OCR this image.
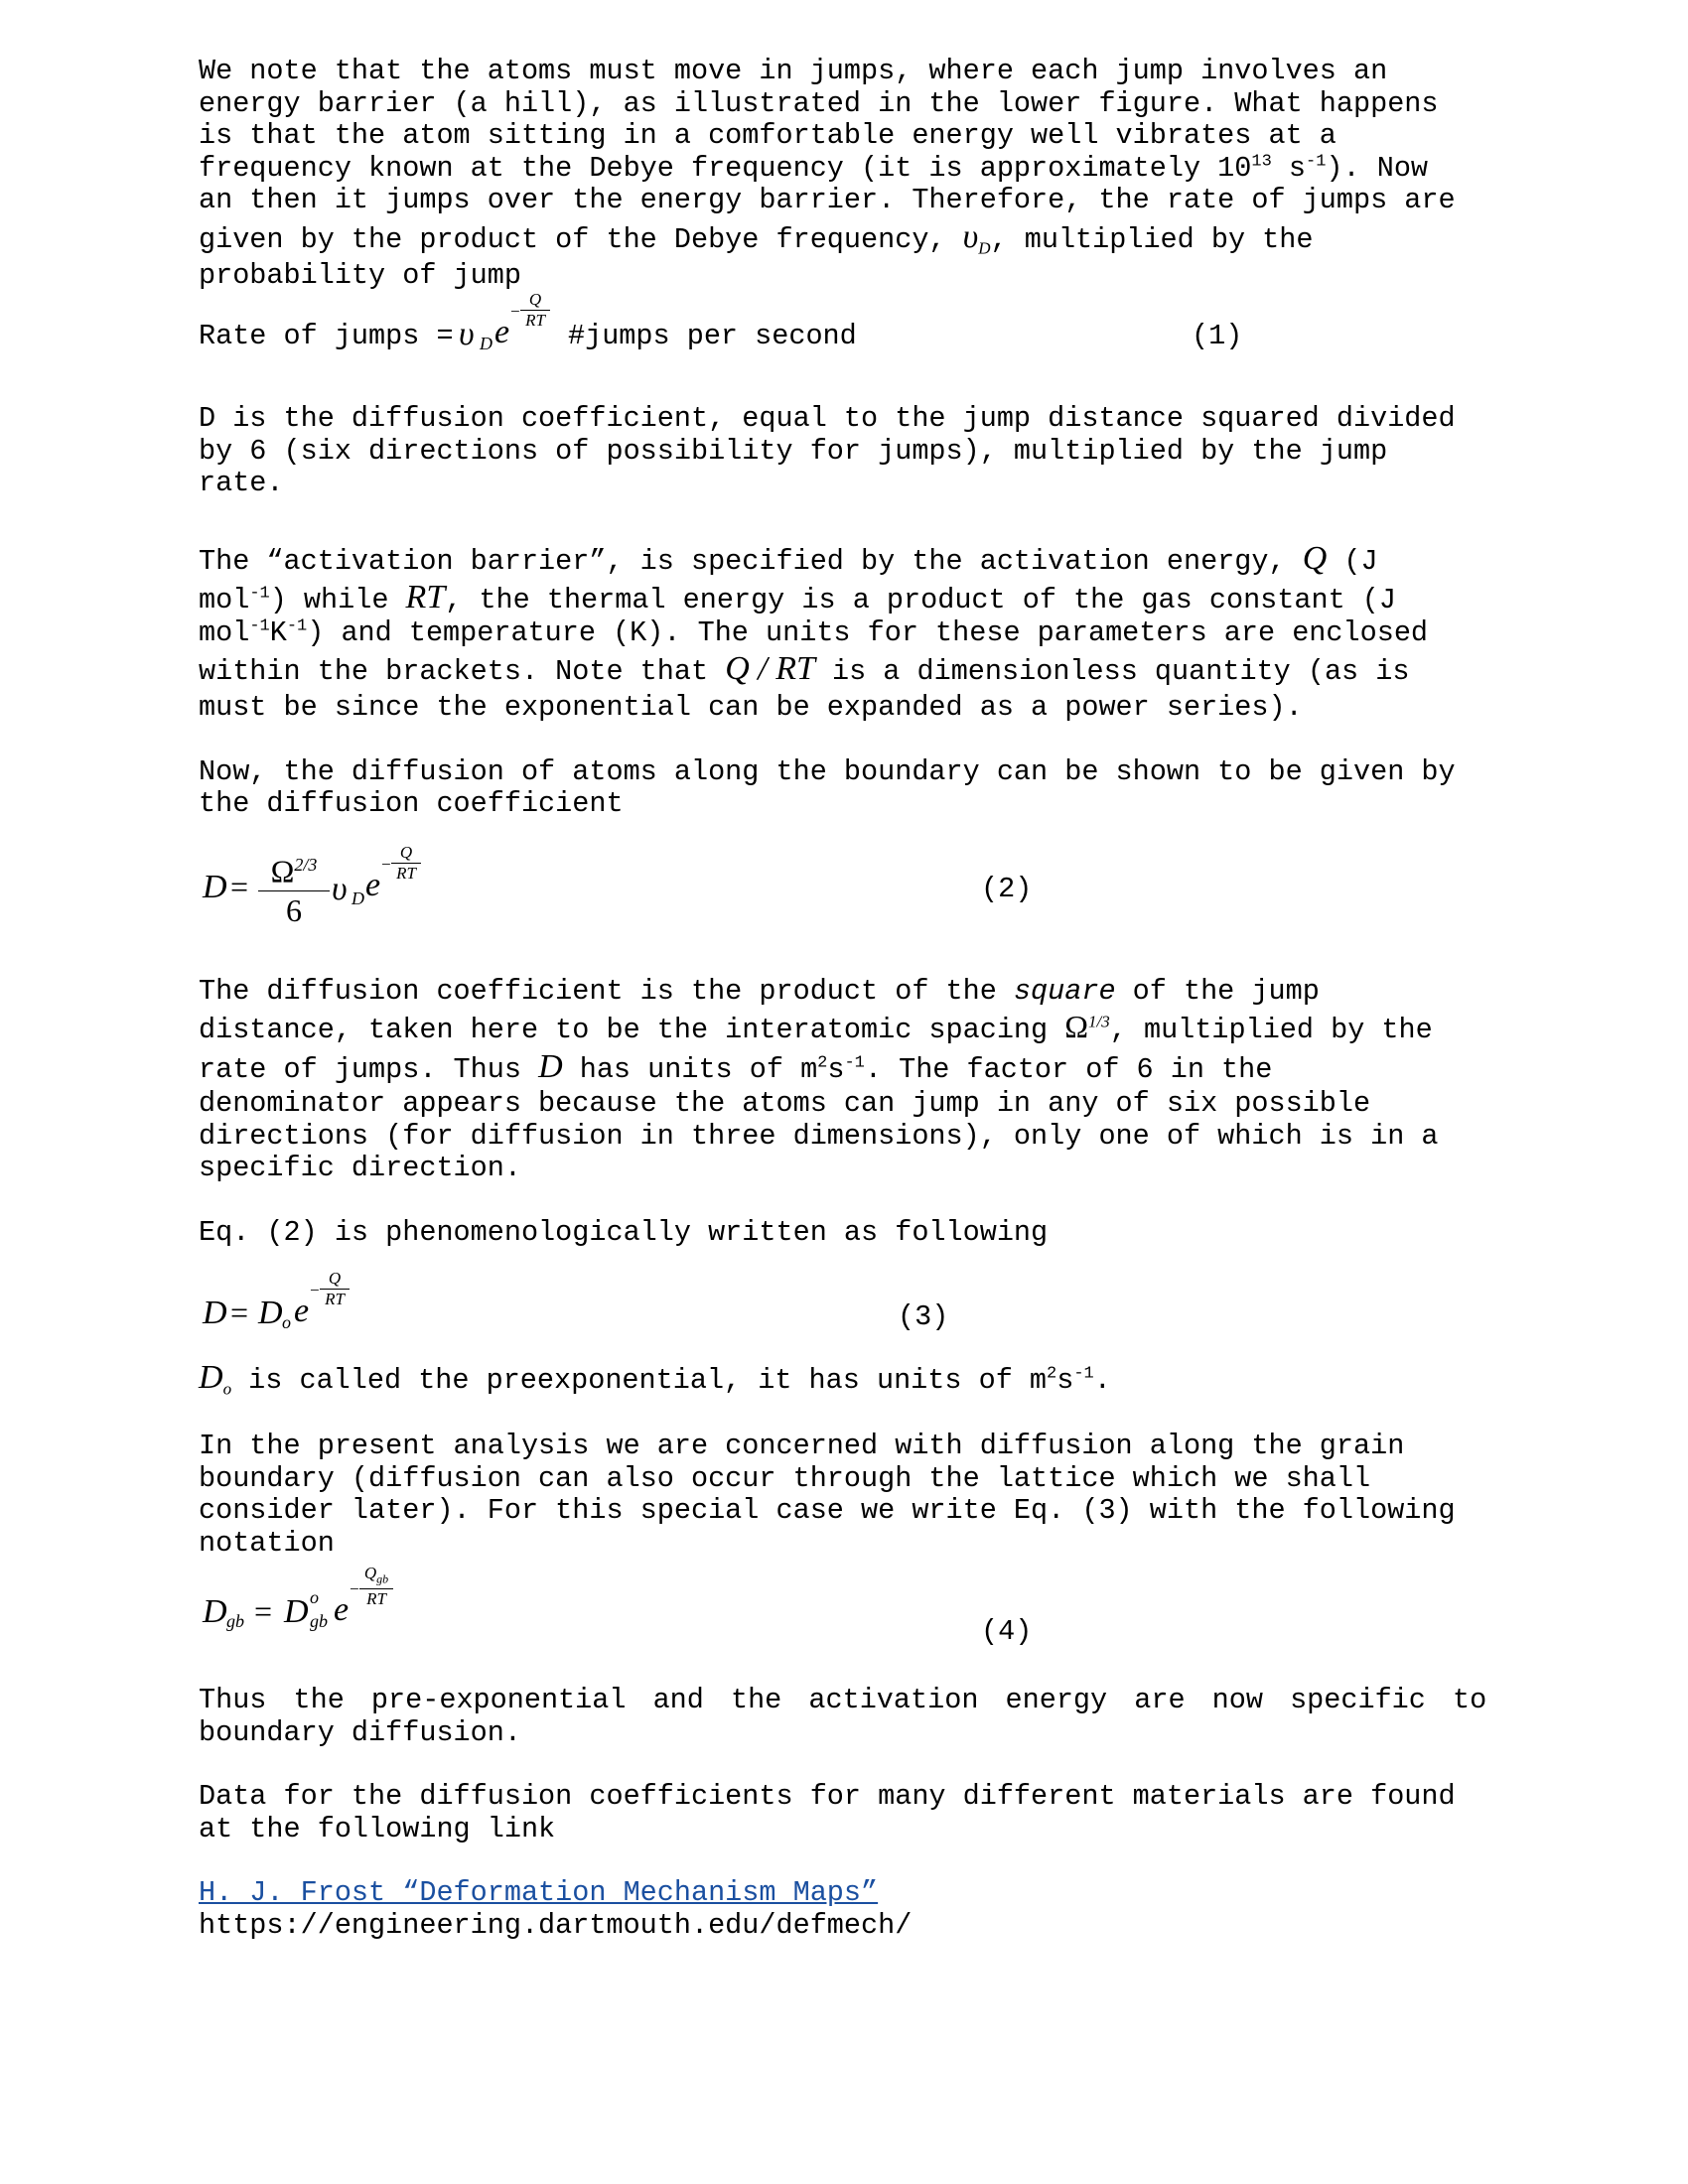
We note that the atoms must move in jumps, where each jump involves an

energy barrier (a hill), as illustrated in the lower figure. What happens

is that the atom sitting in a comfortable energy well vibrates at a

frequency known at the Debye frequency (it is approximately $10^{13}$ $s^{-1}$). Now

an then it jumps over the energy barrier. Therefore, the rate of jumps are

given by the product of the Debye frequency, $\upsilon_D$, multiplied by the

probability of jump

Rate of jumps = υ D e
−
Q
RT #jumps per second	(1)

D is the diffusion coefficient, equal to the jump distance squared divided

by 6 (six directions of possibility for jumps), multiplied by the jump

rate.

The “activation barrier”, is specified by the activation energy, Q (J

mol$^{-1}$) while RT, the thermal energy is a product of the gas constant (J

$mol^{-1}K^{-1}$) and temperature (K). The units for these parameters are enclosed

within the brackets. Note that Q / RT is a dimensionless quantity (as is

must be since the exponential can be expanded as a power series).

Now, the diffusion of atoms along the boundary can be shown to be given by

the diffusion coefficient

$D = \Omega^{2/3}$
6
υ D e
−
Q
RT	(2)

The diffusion coefficient is the product of the square of the jump

distance, taken here to be the interatomic spacing $\Omega^{1/3}$, multiplied by the

rate of jumps. Thus D has units of $m^2s^{-1}$. The factor of 6 in the

denominator appears because the atoms can jump in any of six possible

directions (for diffusion in three dimensions), only one of which is in a

specific direction.

Eq. (2) is phenomenologically written as following

D = D o e
−
Q
RT
(3)

$D_o$ is called the preexponential, it has units of $m^2s^{-1}$.

In the present analysis we are concerned with diffusion along the grain

boundary (diffusion can also occur through the lattice which we shall

consider later). For this special case we write Eq. (3) with the following

notation

D gb = D o
gb e
−
$Q_{gb}$
RT
(4)

Thus the pre-exponential and the activation energy are now specific to

boundary diffusion.

Data for the diffusion coefficients for many different materials are found

at the following link

H. J. Frost “Deformation Mechanism Maps”

https://engineering.dartmouth.edu/defmech/
